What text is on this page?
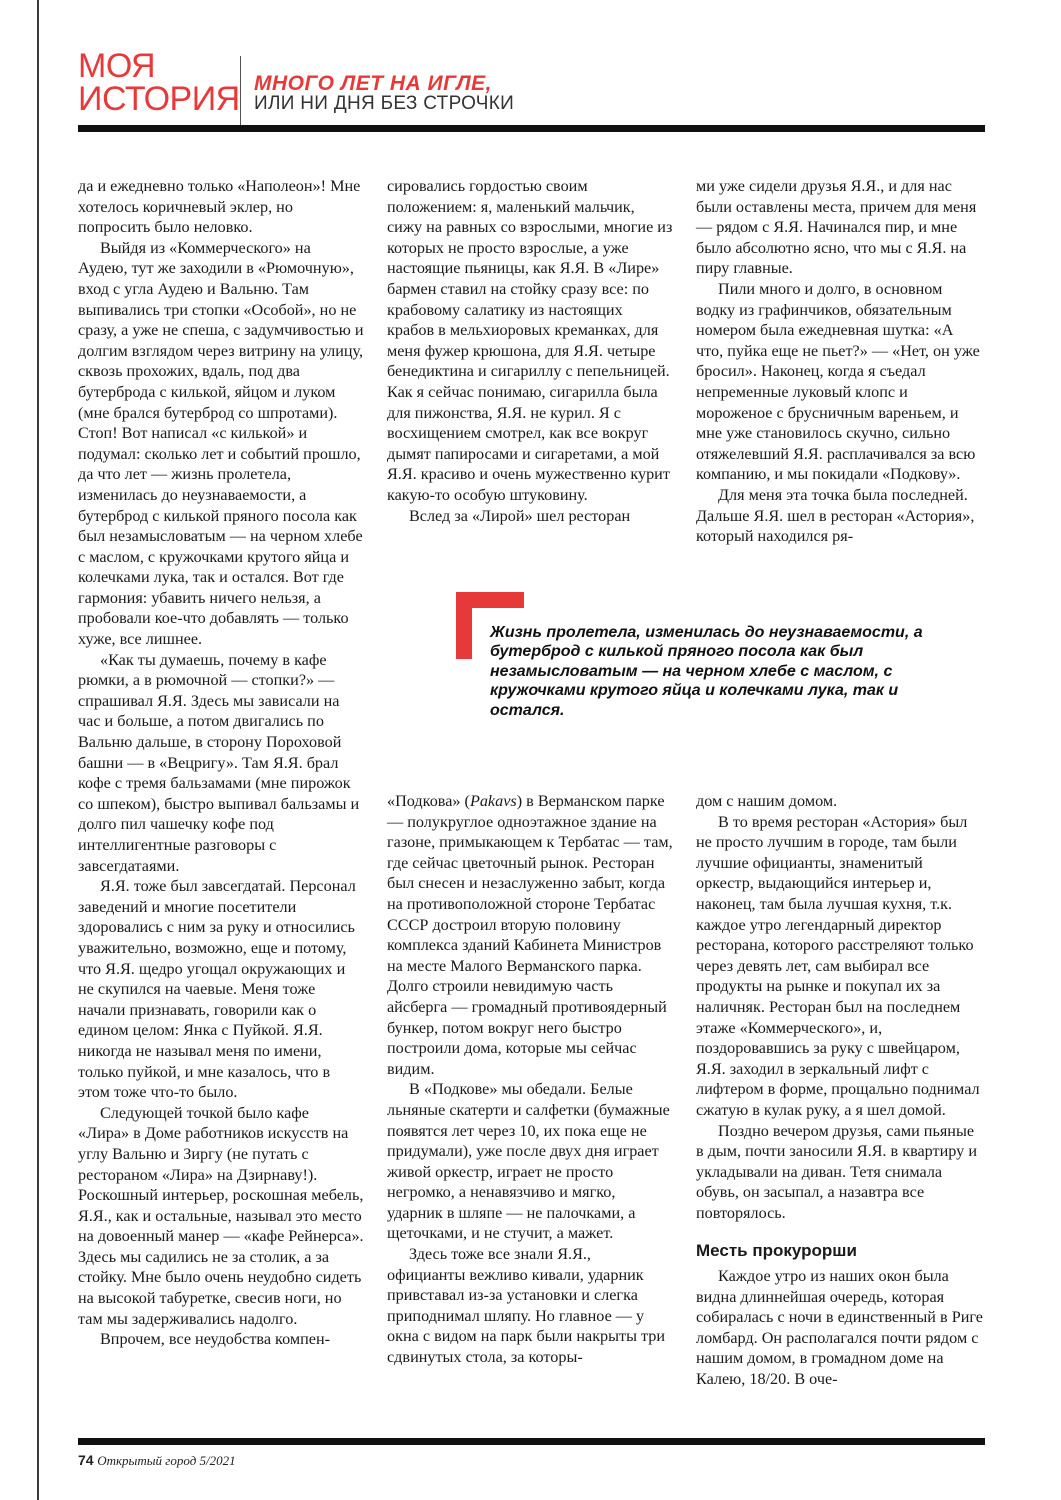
МОЯ
ИСТОРИЯ МНОГО ЛЕТ НА ИГЛЕ,
ИЛИ НИ ДНЯ БЕЗ СТРОЧКИ

да и ежедневно только «Наполеон»! Мне хотелось коричневый эклер, но попросить было неловко.

Выйдя из «Коммерческого» на Аудею, тут же заходили в «Рюмочную», вход с угла Аудею и Вальню. Там выпивались три стопки «Особой», но не сразу, а уже не спеша, с задумчивостью и долгим взглядом через витрину на улицу, сквозь прохожих, вдаль, под два бутерброда с килькой, яйцом и луком (мне брался бутерброд со шпротами). Стоп! Вот написал «с килькой» и подумал: сколько лет и событий прошло, да что лет — жизнь пролетела, изменилась до неузнаваемости, а бутерброд с килькой пряного посола как был незамысловатым — на черном хлебе с маслом, с кружочками крутого яйца и колечками лука, так и остался. Вот где гармония: убавить ничего нельзя, а пробовали кое-что добавлять — только хуже, все лишнее.

«Как ты думаешь, почему в кафе рюмки, а в рюмочной — стопки?» — спрашивал Я.Я. Здесь мы зависали на час и больше, а потом двигались по Вальню дальше, в сторону Пороховой башни — в «Вецригу». Там Я.Я. брал кофе с тремя бальзамами (мне пирожок со шпеком), быстро выпивал бальзамы и долго пил чашечку кофе под интеллигентные разговоры с завсегдатаями.

Я.Я. тоже был завсегдатай. Персонал заведений и многие посетители здоровались с ним за руку и относились уважительно, возможно, еще и потому, что Я.Я. щедро угощал окружающих и не скупился на чаевые. Меня тоже начали признавать, говорили как о едином целом: Янка с Пуйкой. Я.Я. никогда не называл меня по имени, только пуйкой, и мне казалось, что в этом тоже что-то было.

Следующей точкой было кафе «Лира» в Доме работников искусств на углу Вальню и Зиргу (не путать с рестораном «Лира» на Дзирнаву!). Роскошный интерьер, роскошная мебель, Я.Я., как и остальные, называл это место на довоенный манер — «кафе Рейнерса». Здесь мы садились не за столик, а за стойку. Мне было очень неудобно сидеть на высокой табуретке, свесив ноги, но там мы задерживались надолго.

Впрочем, все неудобства компен-

сировались гордостью своим положением: я, маленький мальчик, сижу на равных со взрослыми, многие из которых не просто взрослые, а уже настоящие пьяницы, как Я.Я. В «Лире» бармен ставил на стойку сразу все: по крабовому салатику из настоящих крабов в мельхиоровых креманках, для меня фужер крюшона, для Я.Я. четыре бенедиктина и сигариллу с пепельницей. Как я сейчас понимаю, сигарилла была для пижонства, Я.Я. не курил. Я с восхищением смотрел, как все вокруг дымят папиросами и сигаретами, а мой Я.Я. красиво и очень мужественно курит какую-то особую штуковину.

Вслед за «Лирой» шел ресторан

ми уже сидели друзья Я.Я., и для нас были оставлены места, причем для меня — рядом с Я.Я. Начинался пир, и мне было абсолютно ясно, что мы с Я.Я. на пиру главные.

Пили много и долго, в основном водку из графинчиков, обязательным номером была ежедневная шутка: «А что, пуйка еще не пьет?» — «Нет, он уже бросил». Наконец, когда я съедал непременные луковый клопс и мороженое с брусничным вареньем, и мне уже становилось скучно, сильно отяжелевший Я.Я. расплачивался за всю компанию, и мы покидали «Подкову».

Для меня эта точка была последней. Дальше Я.Я. шел в ресторан «Астория», который находился ря-

Жизнь пролетела, изменилась до неузнаваемости, а бутерброд с килькой пряного посола как был незамысловатым — на черном хлебе с маслом, с кружочками крутого яйца и колечками лука, так и остался.

«Подкова» (Pakavs) в Верманском парке — полукруглое одноэтажное здание на газоне, примыкающем к Тербатас — там, где сейчас цветочный рынок. Ресторан был снесен и незаслуженно забыт, когда на противоположной стороне Тербатас СССР достроил вторую половину комплекса зданий Кабинета Министров на месте Малого Верманского парка. Долго строили невидимую часть айсберга — громадный противоядерный бункер, потом вокруг него быстро построили дома, которые мы сейчас видим.

В «Подкове» мы обедали. Белые льняные скатерти и салфетки (бумажные появятся лет через 10, их пока еще не придумали), уже после двух дня играет живой оркестр, играет не просто негромко, а ненавязчиво и мягко, ударник в шляпе — не палочками, а щеточками, и не стучит, а мажет.

Здесь тоже все знали Я.Я., официанты вежливо кивали, ударник привставал из-за установки и слегка приподнимал шляпу. Но главное — у окна с видом на парк были накрыты три сдвинутых стола, за которы-

дом с нашим домом.

В то время ресторан «Астория» был не просто лучшим в городе, там были лучшие официанты, знаменитый оркестр, выдающийся интерьер и, наконец, там была лучшая кухня, т.к. каждое утро легендарный директор ресторана, которого расстреляют только через девять лет, сам выбирал все продукты на рынке и покупал их за наличняк. Ресторан был на последнем этаже «Коммерческого», и, поздоровавшись за руку с швейцаром, Я.Я. заходил в зеркальный лифт с лифтером в форме, прощально поднимал сжатую в кулак руку, а я шел домой.

Поздно вечером друзья, сами пьяные в дым, почти заносили Я.Я. в квартиру и укладывали на диван. Тетя снимала обувь, он засыпал, а назавтра все повторялось.

Месть прокурорши

Каждое утро из наших окон была видна длиннейшая очередь, которая собиралась с ночи в единственный в Риге ломбард. Он располагался почти рядом с нашим домом, в громадном доме на Калею, 18/20. В оче-

74 Открытый город 5/2021
